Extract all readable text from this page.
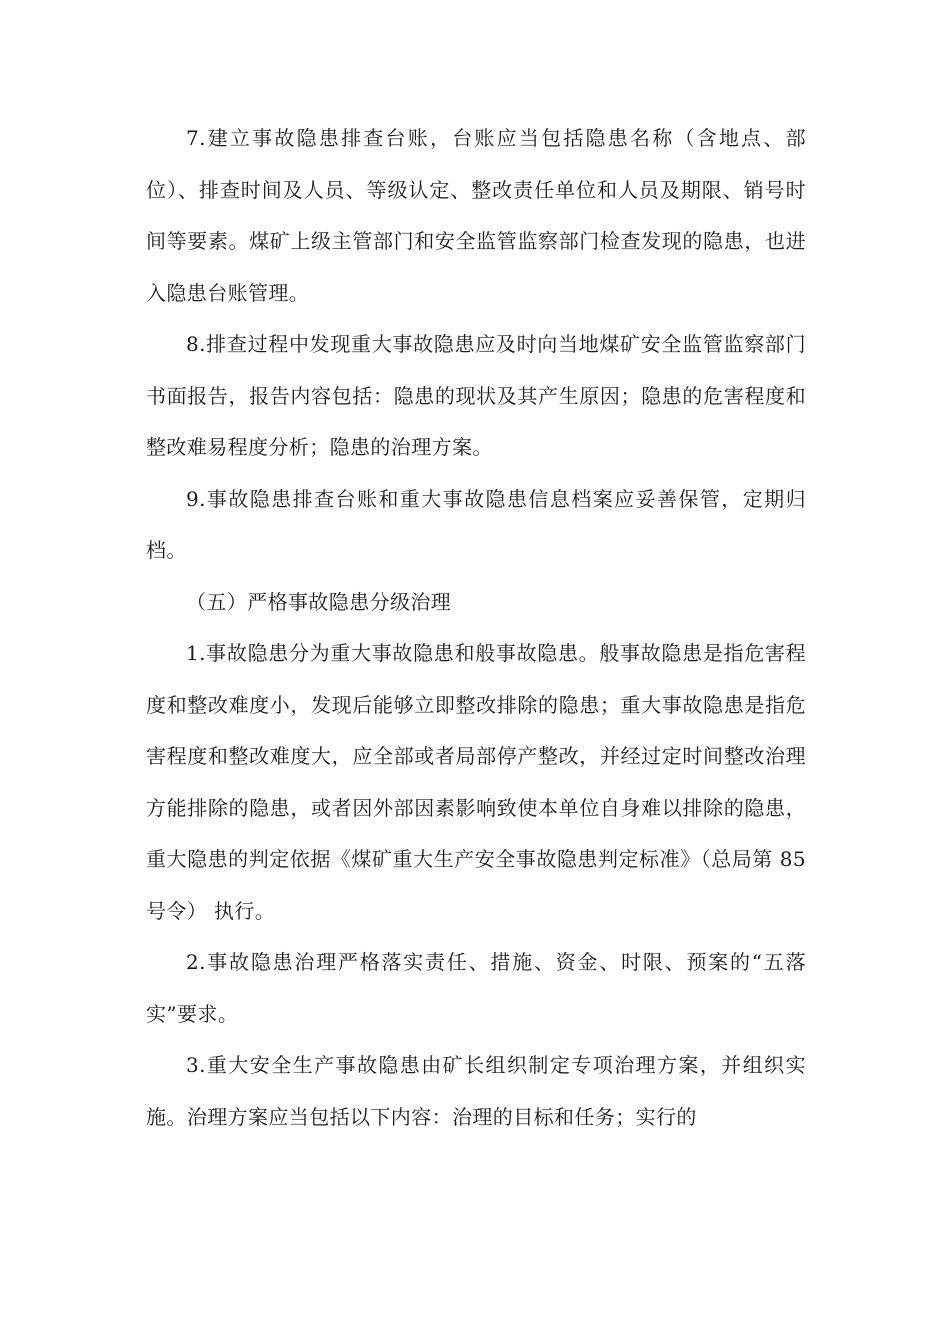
7.建立事故隐患排查台账，台账应当包括隐患名称（含地点、部位）、排查时间及人员、等级认定、整改责任单位和人员及期限、销号时间等要素。煤矿上级主管部门和安全监管监察部门检查发现的隐患，也进入隐患台账管理。

8.排查过程中发现重大事故隐患应及时向当地煤矿安全监管监察部门书面报告，报告内容包括：隐患的现状及其产生原因；隐患的危害程度和整改难易程度分析；隐患的治理方案。

9.事故隐患排查台账和重大事故隐患信息档案应妥善保管，定期归档。

（五）严格事故隐患分级治理

1.事故隐患分为重大事故隐患和般事故隐患。般事故隐患是指危害程度和整改难度小，发现后能够立即整改排除的隐患；重大事故隐患是指危害程度和整改难度大，应全部或者局部停产整改，并经过定时间整改治理方能排除的隐患，或者因外部因素影响致使本单位自身难以排除的隐患，重大隐患的判定依据《煤矿重大生产安全事故隐患判定标准》（总局第 85 号令） 执行。

2.事故隐患治理严格落实责任、措施、资金、时限、预案的“五落实”要求。

3.重大安全生产事故隐患由矿长组织制定专项治理方案，并组织实施。治理方案应当包括以下内容：治理的目标和任务；实行的
